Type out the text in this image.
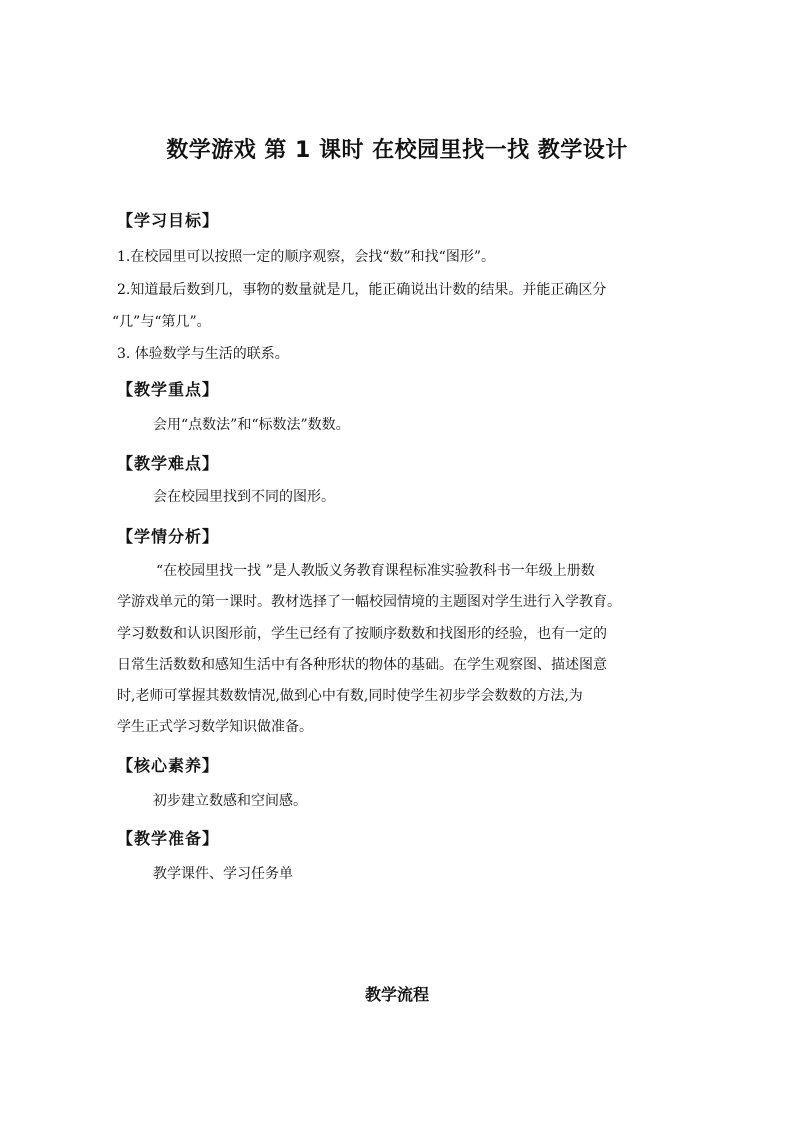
数学游戏 第 1 课时 在校园里找一找 教学设计
【学习目标】
1.在校园里可以按照一定的顺序观察，会找“数”和找“图形”。
2.知道最后数到几，事物的数量就是几，能正确说出计数的结果。并能正确区分
“几”与“第几”。
3. 体验数学与生活的联系。
【教学重点】
会用“点数法”和“标数法”数数。
【教学难点】
会在校园里找到不同的图形。
【学情分析】
“在校园里找一找 ”是人教版义务教育课程标准实验教科书一年级上册数
学游戏单元的第一课时。教材选择了一幅校园情境的主题图对学生进行入学教育。
学习数数和认识图形前，学生已经有了按顺序数数和找图形的经验，也有一定的
日常生活数数和感知生活中有各种形状的物体的基础。在学生观察图、描述图意
时,老师可掌握其数数情况,做到心中有数,同时使学生初步学会数数的方法,为
学生正式学习数学知识做准备。
【核心素养】
初步建立数感和空间感。
【教学准备】
教学课件、学习任务单
教学流程
